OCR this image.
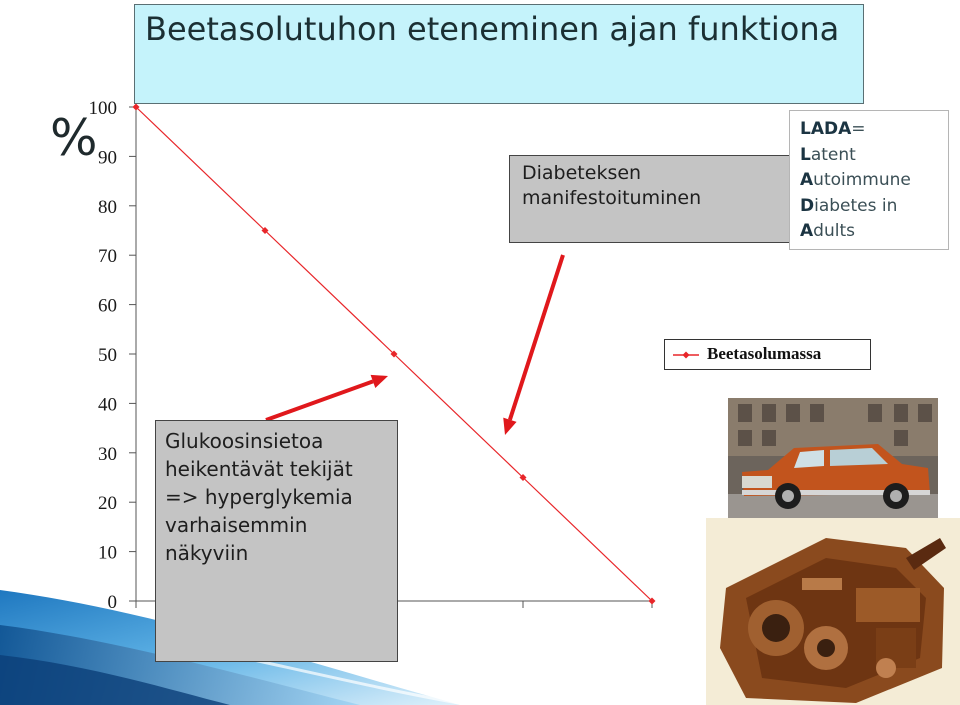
0
10
20
30
40
50
60
70
80
90
100
Beetasolutuhon eteneminen ajan funktiona
%
Diabeteksen manifestoituminen
Glukoosinsietoa heikentävät tekijät => hyperglykemia varhaisemmin näkyviin
LADA=
Latent
Autoimmune
Diabetes in
Adults
Beetasolumassa
